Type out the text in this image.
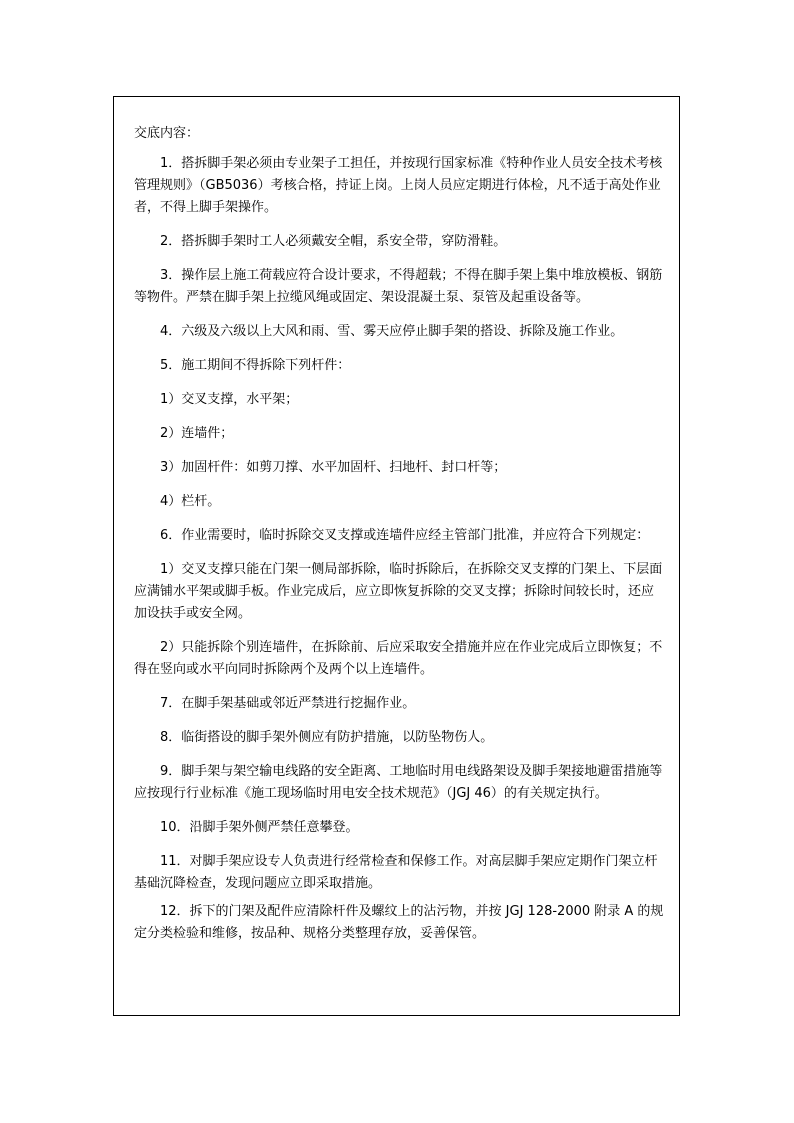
交底内容：

1．搭拆脚手架必须由专业架子工担任，并按现行国家标准《特种作业人员安全技术考核管理规则》（GB5036）考核合格，持证上岗。上岗人员应定期进行体检，凡不适于高处作业者，不得上脚手架操作。

2．搭拆脚手架时工人必须戴安全帽，系安全带，穿防滑鞋。

3．操作层上施工荷载应符合设计要求，不得超载；不得在脚手架上集中堆放模板、钢筋等物件。严禁在脚手架上拉缆风绳或固定、架设混凝土泵、泵管及起重设备等。

4．六级及六级以上大风和雨、雪、雾天应停止脚手架的搭设、拆除及施工作业。

5．施工期间不得拆除下列杆件：

1）交叉支撑，水平架；

2）连墙件；

3）加固杆件：如剪刀撑、水平加固杆、扫地杆、封口杆等；

4）栏杆。

6．作业需要时，临时拆除交叉支撑或连墙件应经主管部门批准，并应符合下列规定：

1）交叉支撑只能在门架一侧局部拆除，临时拆除后，在拆除交叉支撑的门架上、下层面应满铺水平架或脚手板。作业完成后，应立即恢复拆除的交叉支撑；拆除时间较长时，还应加设扶手或安全网。

2）只能拆除个别连墙件，在拆除前、后应采取安全措施并应在作业完成后立即恢复；不得在竖向或水平向同时拆除两个及两个以上连墙件。

7．在脚手架基础或邻近严禁进行挖掘作业。

8．临街搭设的脚手架外侧应有防护措施，以防坠物伤人。

9．脚手架与架空输电线路的安全距离、工地临时用电线路架设及脚手架接地避雷措施等应按现行行业标准《施工现场临时用电安全技术规范》（JGJ 46）的有关规定执行。

10．沿脚手架外侧严禁任意攀登。

11．对脚手架应设专人负责进行经常检查和保修工作。对高层脚手架应定期作门架立杆基础沉降检查，发现问题应立即采取措施。

12．拆下的门架及配件应清除杆件及螺纹上的沾污物，并按 JGJ 128-2000 附录 A 的规定分类检验和维修，按品种、规格分类整理存放，妥善保管。
